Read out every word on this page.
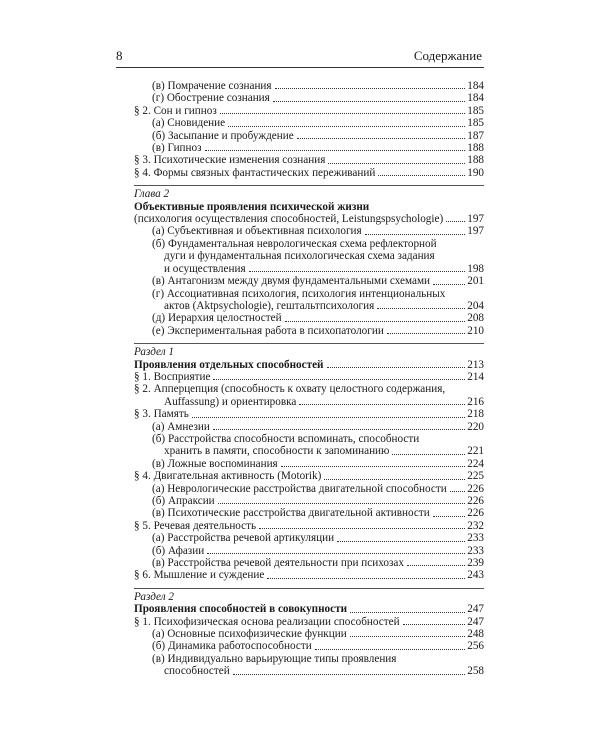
8	Содержание
(в) Помрачение сознания	184
(г) Обострение сознания	184
§ 2. Сон и гипноз	185
(а) Сновидение	185
(б) Засыпание и пробуждение	187
(в) Гипноз	188
§ 3. Психотические изменения сознания	188
§ 4. Формы связных фантастических переживаний	190
Глава 2
Объективные проявления психической жизни
(психология осуществления способностей, Leistungspsychologie) 197
(а) Субъективная и объективная психология	197
(б) Фундаментальная неврологическая схема рефлекторной
дуги и фундаментальная психологическая схема задания
и осуществления	198
(в) Антагонизм между двумя фундаментальными схемами	201
(г) Ассоциативная психология, психология интенциональных
актов (Aktpsychologie), гештальтпсихология	204
(д) Иерархия целостностей	208
(е) Экспериментальная работа в психопатологии	210
Раздел 1
Проявления отдельных способностей	213
§ 1. Восприятие	214
§ 2. Апперцепция (способность к охвату целостного содержания,
Auffassung) и ориентировка	216
§ 3. Память	218
(а) Амнезии	220
(б) Расстройства способности вспоминать, способности
хранить в памяти, способности к запоминанию	221
(в) Ложные воспоминания	224
§ 4. Двигательная активность (Motorik)	225
(а) Неврологические расстройства двигательной способности 226
(б) Апраксии	226
(в) Психотические расстройства двигательной активности	226
§ 5. Речевая деятельность	232
(а) Расстройства речевой артикуляции	233
(б) Афазии	233
(в) Расстройства речевой деятельности при психозах	239
§ 6. Мышление и суждение	243
Раздел 2
Проявления способностей в совокупности	247
§ 1. Психофизическая основа реализации способностей	247
(а) Основные психофизические функции	248
(б) Динамика работоспособности	256
(в) Индивидуально варьирующие типы проявления
способностей	258
